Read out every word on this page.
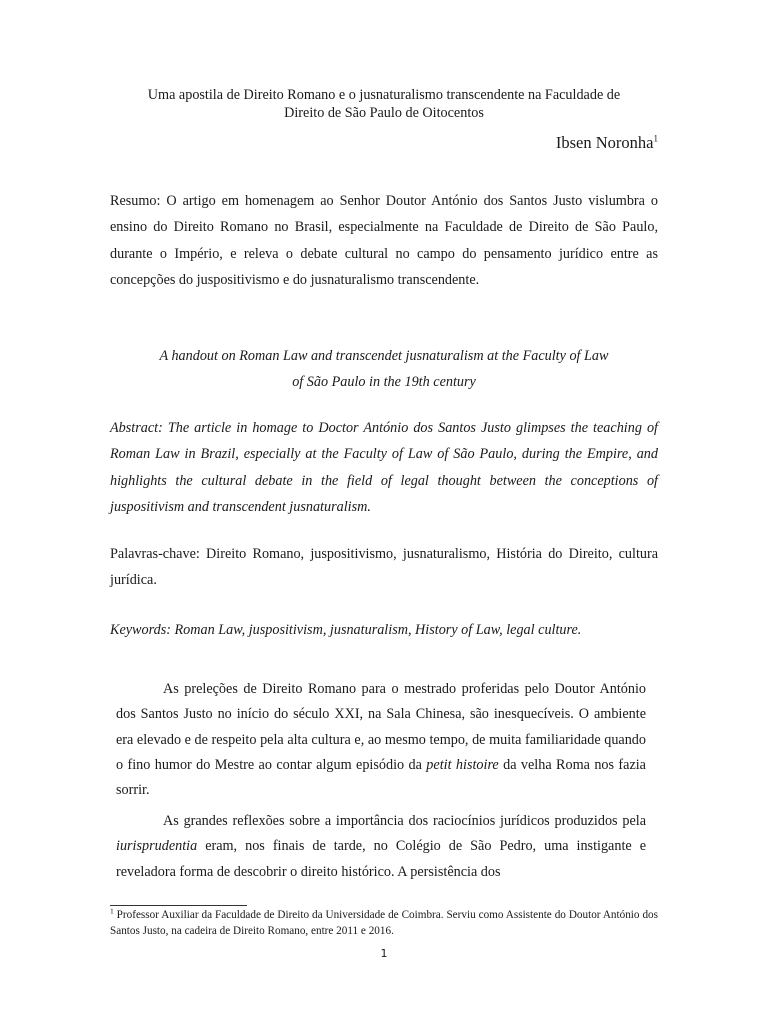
Uma apostila de Direito Romano e o jusnaturalismo transcendente na Faculdade de
Direito de São Paulo de Oitocentos
Ibsen Noronha$^1$
Resumo: O artigo em homenagem ao Senhor Doutor António dos Santos Justo vislumbra o ensino do Direito Romano no Brasil, especialmente na Faculdade de Direito de São Paulo, durante o Império, e releva o debate cultural no campo do pensamento jurídico entre as concepções do juspositivismo e do jusnaturalismo transcendente.
A handout on Roman Law and transcendet jusnaturalism at the Faculty of Law
of São Paulo in the 19th century
Abstract: The article in homage to Doctor António dos Santos Justo glimpses the teaching of Roman Law in Brazil, especially at the Faculty of Law of São Paulo, during the Empire, and highlights the cultural debate in the field of legal thought between the conceptions of juspositivism and transcendent jusnaturalism.
Palavras-chave: Direito Romano, juspositivismo, jusnaturalismo, História do Direito, cultura jurídica.
Keywords: Roman Law, juspositivism, jusnaturalism, History of Law, legal culture.
As preleções de Direito Romano para o mestrado proferidas pelo Doutor António dos Santos Justo no início do século XXI, na Sala Chinesa, são inesquecíveis. O ambiente era elevado e de respeito pela alta cultura e, ao mesmo tempo, de muita familiaridade quando o fino humor do Mestre ao contar algum episódio da petit histoire da velha Roma nos fazia sorrir.
As grandes reflexões sobre a importância dos raciocínios jurídicos produzidos pela iurisprudentia eram, nos finais de tarde, no Colégio de São Pedro, uma instigante e reveladora forma de descobrir o direito histórico. A persistência dos
$^1$ Professor Auxiliar da Faculdade de Direito da Universidade de Coimbra. Serviu como Assistente do Doutor António dos Santos Justo, na cadeira de Direito Romano, entre 2011 e 2016.
1
